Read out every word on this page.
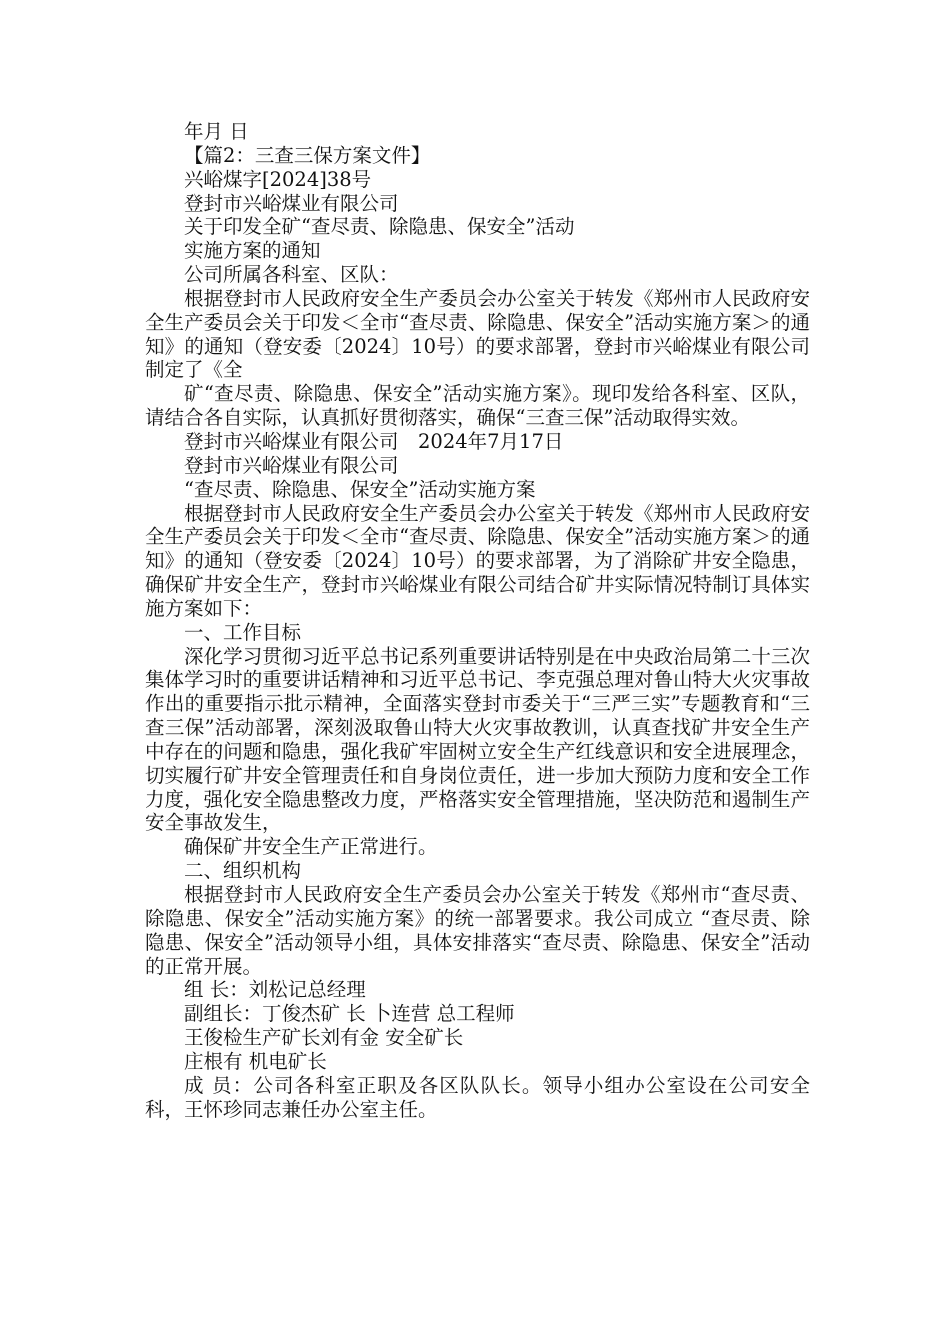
年月 日

【篇2：三查三保方案文件】

兴峪煤字[2024]38号

登封市兴峪煤业有限公司

关于印发全矿“查尽责、除隐患、保安全”活动

实施方案的通知

公司所属各科室、区队：

根据登封市人民政府安全生产委员会办公室关于转发《郑州市人民政府安全生产委员会关于印发＜全市“查尽责、除隐患、保安全”活动实施方案＞的通知》的通知（登安委〔2024〕10号）的要求部署，登封市兴峪煤业有限公司制定了《全

矿“查尽责、除隐患、保安全”活动实施方案》。现印发给各科室、区队，请结合各自实际，认真抓好贯彻落实，确保“三查三保”活动取得实效。

登封市兴峪煤业有限公司　2024年7月17日

登封市兴峪煤业有限公司

“查尽责、除隐患、保安全”活动实施方案

根据登封市人民政府安全生产委员会办公室关于转发《郑州市人民政府安全生产委员会关于印发＜全市“查尽责、除隐患、保安全”活动实施方案＞的通知》的通知（登安委〔2024〕10号）的要求部署，为了消除矿井安全隐患，确保矿井安全生产，登封市兴峪煤业有限公司结合矿井实际情况特制订具体实施方案如下：

一、工作目标

深化学习贯彻习近平总书记系列重要讲话特别是在中央政治局第二十三次集体学习时的重要讲话精神和习近平总书记、李克强总理对鲁山特大火灾事故作出的重要指示批示精神，全面落实登封市委关于“三严三实”专题教育和“三查三保”活动部署，深刻汲取鲁山特大火灾事故教训，认真查找矿井安全生产中存在的问题和隐患，强化我矿牢固树立安全生产红线意识和安全进展理念，切实履行矿井安全管理责任和自身岗位责任，进一步加大预防力度和安全工作力度，强化安全隐患整改力度，严格落实安全管理措施，坚决防范和遏制生产安全事故发生，

确保矿井安全生产正常进行。

二、组织机构

根据登封市人民政府安全生产委员会办公室关于转发《郑州市“查尽责、除隐患、保安全”活动实施方案》的统一部署要求。我公司成立 “查尽责、除隐患、保安全”活动领导小组，具体安排落实“查尽责、除隐患、保安全”活动的正常开展。

组 长：刘松记总经理

副组长：丁俊杰矿 长 卜连营 总工程师

王俊检生产矿长刘有金 安全矿长

庄根有 机电矿长

成 员：公司各科室正职及各区队队长。领导小组办公室设在公司安全科，王怀珍同志兼任办公室主任。
